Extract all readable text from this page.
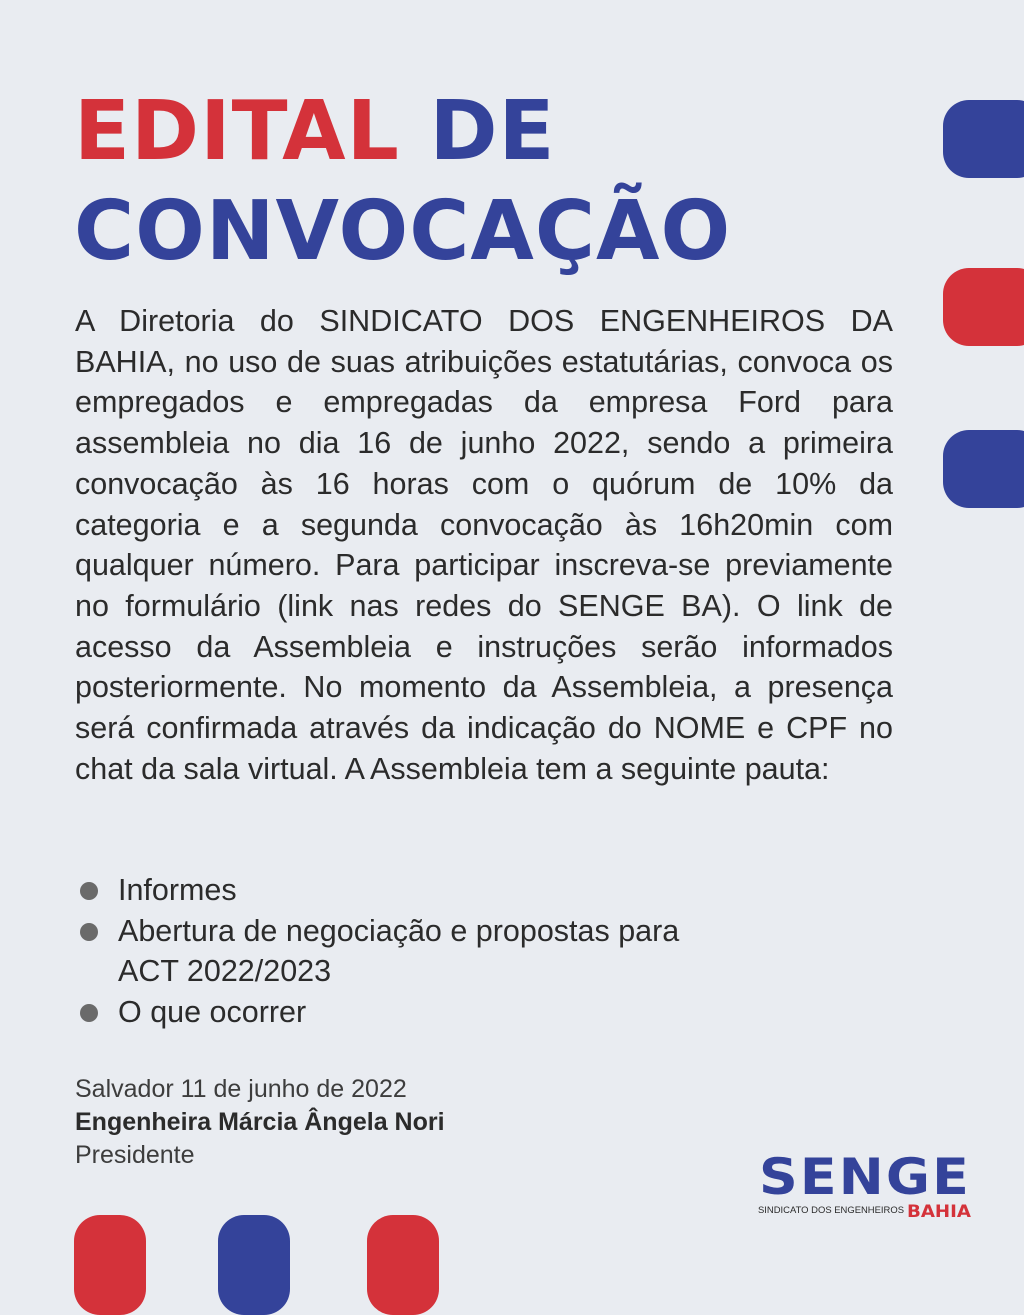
EDITAL DE
CONVOCAÇÃO

A Diretoria do SINDICATO DOS ENGENHEIROS DA BAHIA, no uso de suas atribuições estatutárias, convoca os empregados e empregadas da empresa Ford para assembleia no dia 16 de junho 2022, sendo a primeira convocação às 16 horas com o quórum de 10% da categoria e a segunda convocação às 16h20min com qualquer número. Para participar inscreva-se previamente no formulário (link nas redes do SENGE BA). O link de acesso da Assembleia e instruções serão informados posteriormente. No momento da Assembleia, a presença será confirmada através da indicação do NOME e CPF no chat da sala virtual. A Assembleia tem a seguinte pauta:

Informes
Abertura de negociação e propostas para ACT 2022/2023
O que ocorrer
Salvador 11 de junho de 2022
Engenheira Márcia Ângela Nori
Presidente	SENGE
SINDICATO DOS ENGENHEIROS BAHIA
